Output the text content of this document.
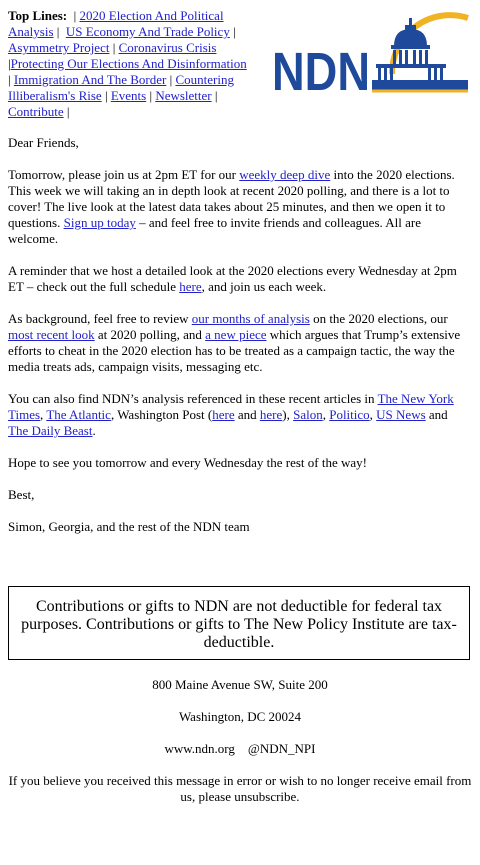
Top Lines:  | 2020 Election And Political Analysis |  US Economy And Trade Policy | Asymmetry Project | Coronavirus Crisis |Protecting Our Elections And Disinformation | Immigration And The Border | Countering Illiberalism's Rise | Events | Newsletter | Contribute |
NDN

Dear Friends,

Tomorrow, please join us at 2pm ET for our weekly deep dive into the 2020 elections. This week we will taking an in depth look at recent 2020 polling, and there is a lot to cover! The live look at the latest data takes about 25 minutes, and then we open it to questions. Sign up today – and feel free to invite friends and colleagues. All are welcome.

A reminder that we host a detailed look at the 2020 elections every Wednesday at 2pm ET – check out the full schedule here, and join us each week.

As background, feel free to review our months of analysis on the 2020 elections, our most recent look at 2020 polling, and a new piece which argues that Trump’s extensive efforts to cheat in the 2020 election has to be treated as a campaign tactic, the way the media treats ads, campaign visits, messaging etc.

You can also find NDN’s analysis referenced in these recent articles in The New York Times, The Atlantic, Washington Post (here and here), Salon, Politico, US News and The Daily Beast.

Hope to see you tomorrow and every Wednesday the rest of the way!

Best,

Simon, Georgia, and the rest of the NDN team

Contributions or gifts to NDN are not deductible for federal tax purposes. Contributions or gifts to The New Policy Institute are tax-deductible.

800 Maine Avenue SW, Suite 200

Washington, DC 20024

www.ndn.org @NDN_NPI

If you believe you received this message in error or wish to no longer receive email from us, please unsubscribe.
